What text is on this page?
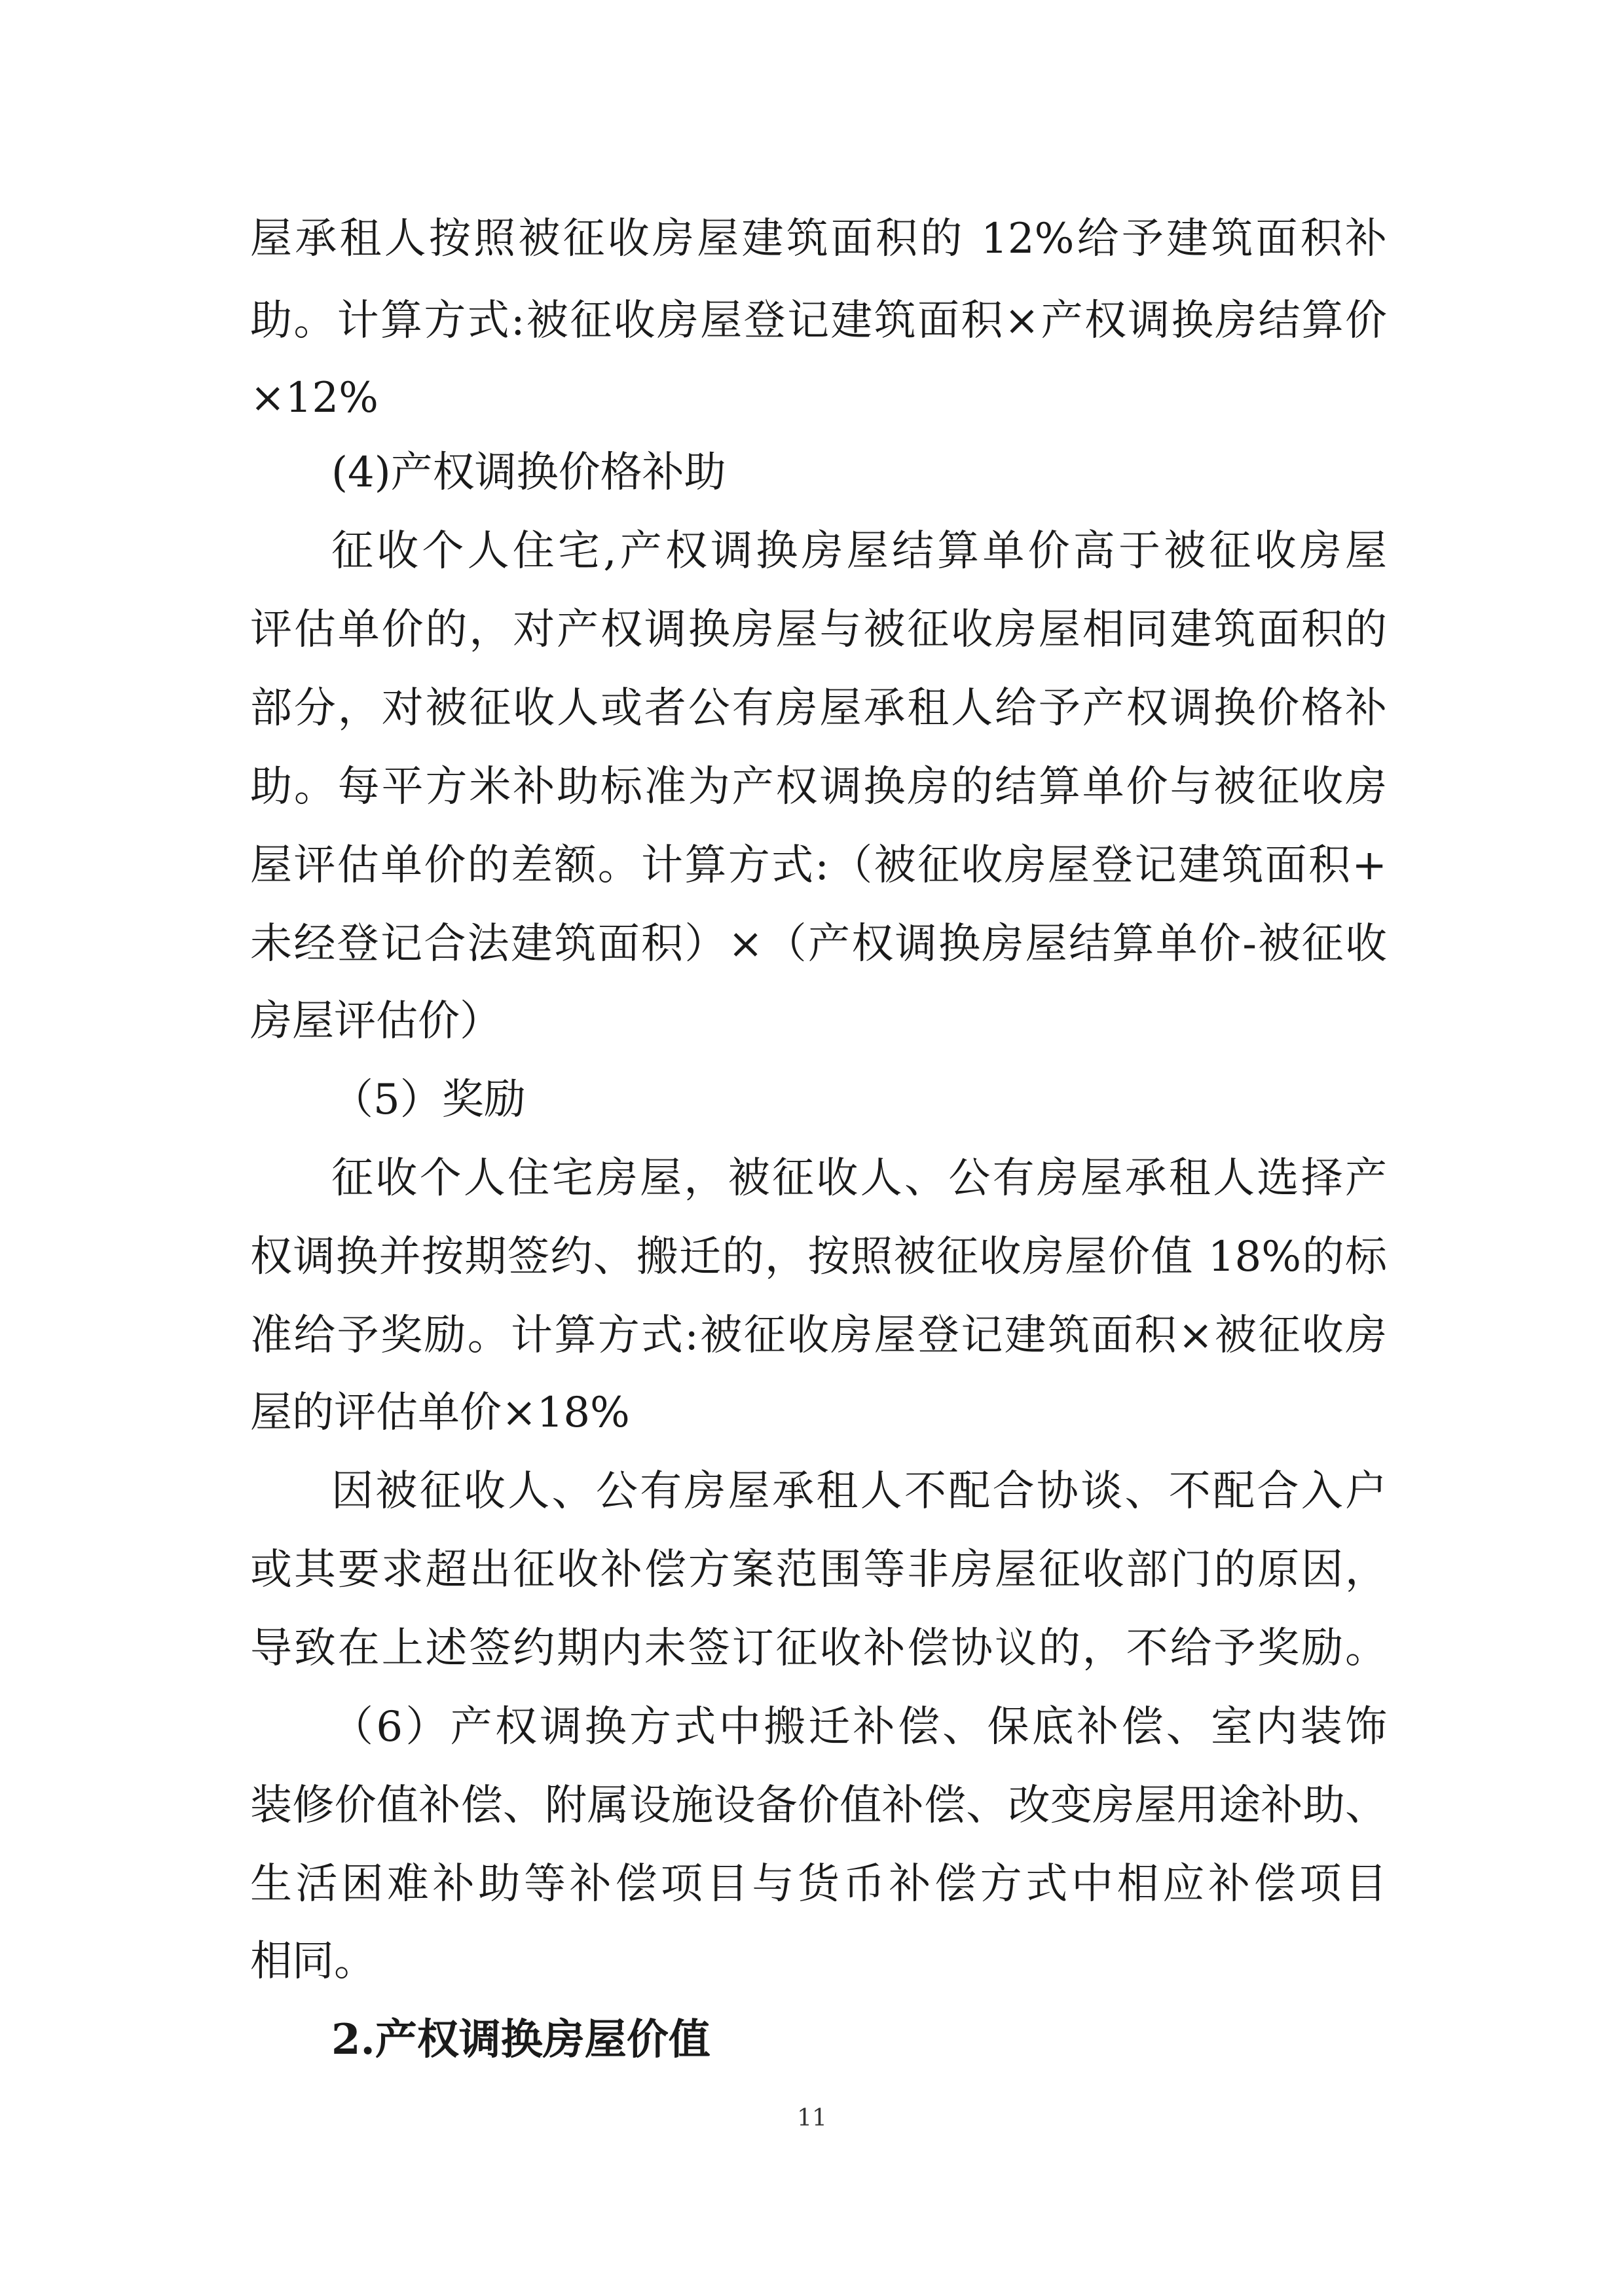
屋承租人按照被征收房屋建筑面积的 12%给予建筑面积补
助。计算方式:被征收房屋登记建筑面积×产权调换房结算价
×12%
(4)产权调换价格补助
征收个人住宅,产权调换房屋结算单价高于被征收房屋
评估单价的，对产权调换房屋与被征收房屋相同建筑面积的
部分，对被征收人或者公有房屋承租人给予产权调换价格补
助。每平方米补助标准为产权调换房的结算单价与被征收房
屋评估单价的差额。计算方式:（被征收房屋登记建筑面积+
未经登记合法建筑面积）×（产权调换房屋结算单价-被征收
房屋评估价）
（5）奖励
征收个人住宅房屋，被征收人、公有房屋承租人选择产
权调换并按期签约、搬迁的，按照被征收房屋价值 18%的标
准给予奖励。计算方式:被征收房屋登记建筑面积×被征收房
屋的评估单价×18%
因被征收人、公有房屋承租人不配合协谈、不配合入户
或其要求超出征收补偿方案范围等非房屋征收部门的原因，
导致在上述签约期内未签订征收补偿协议的，不给予奖励。
（6）产权调换方式中搬迁补偿、保底补偿、室内装饰
装修价值补偿、附属设施设备价值补偿、改变房屋用途补助、
生活困难补助等补偿项目与货币补偿方式中相应补偿项目
相同。
2.产权调换房屋价值
11
